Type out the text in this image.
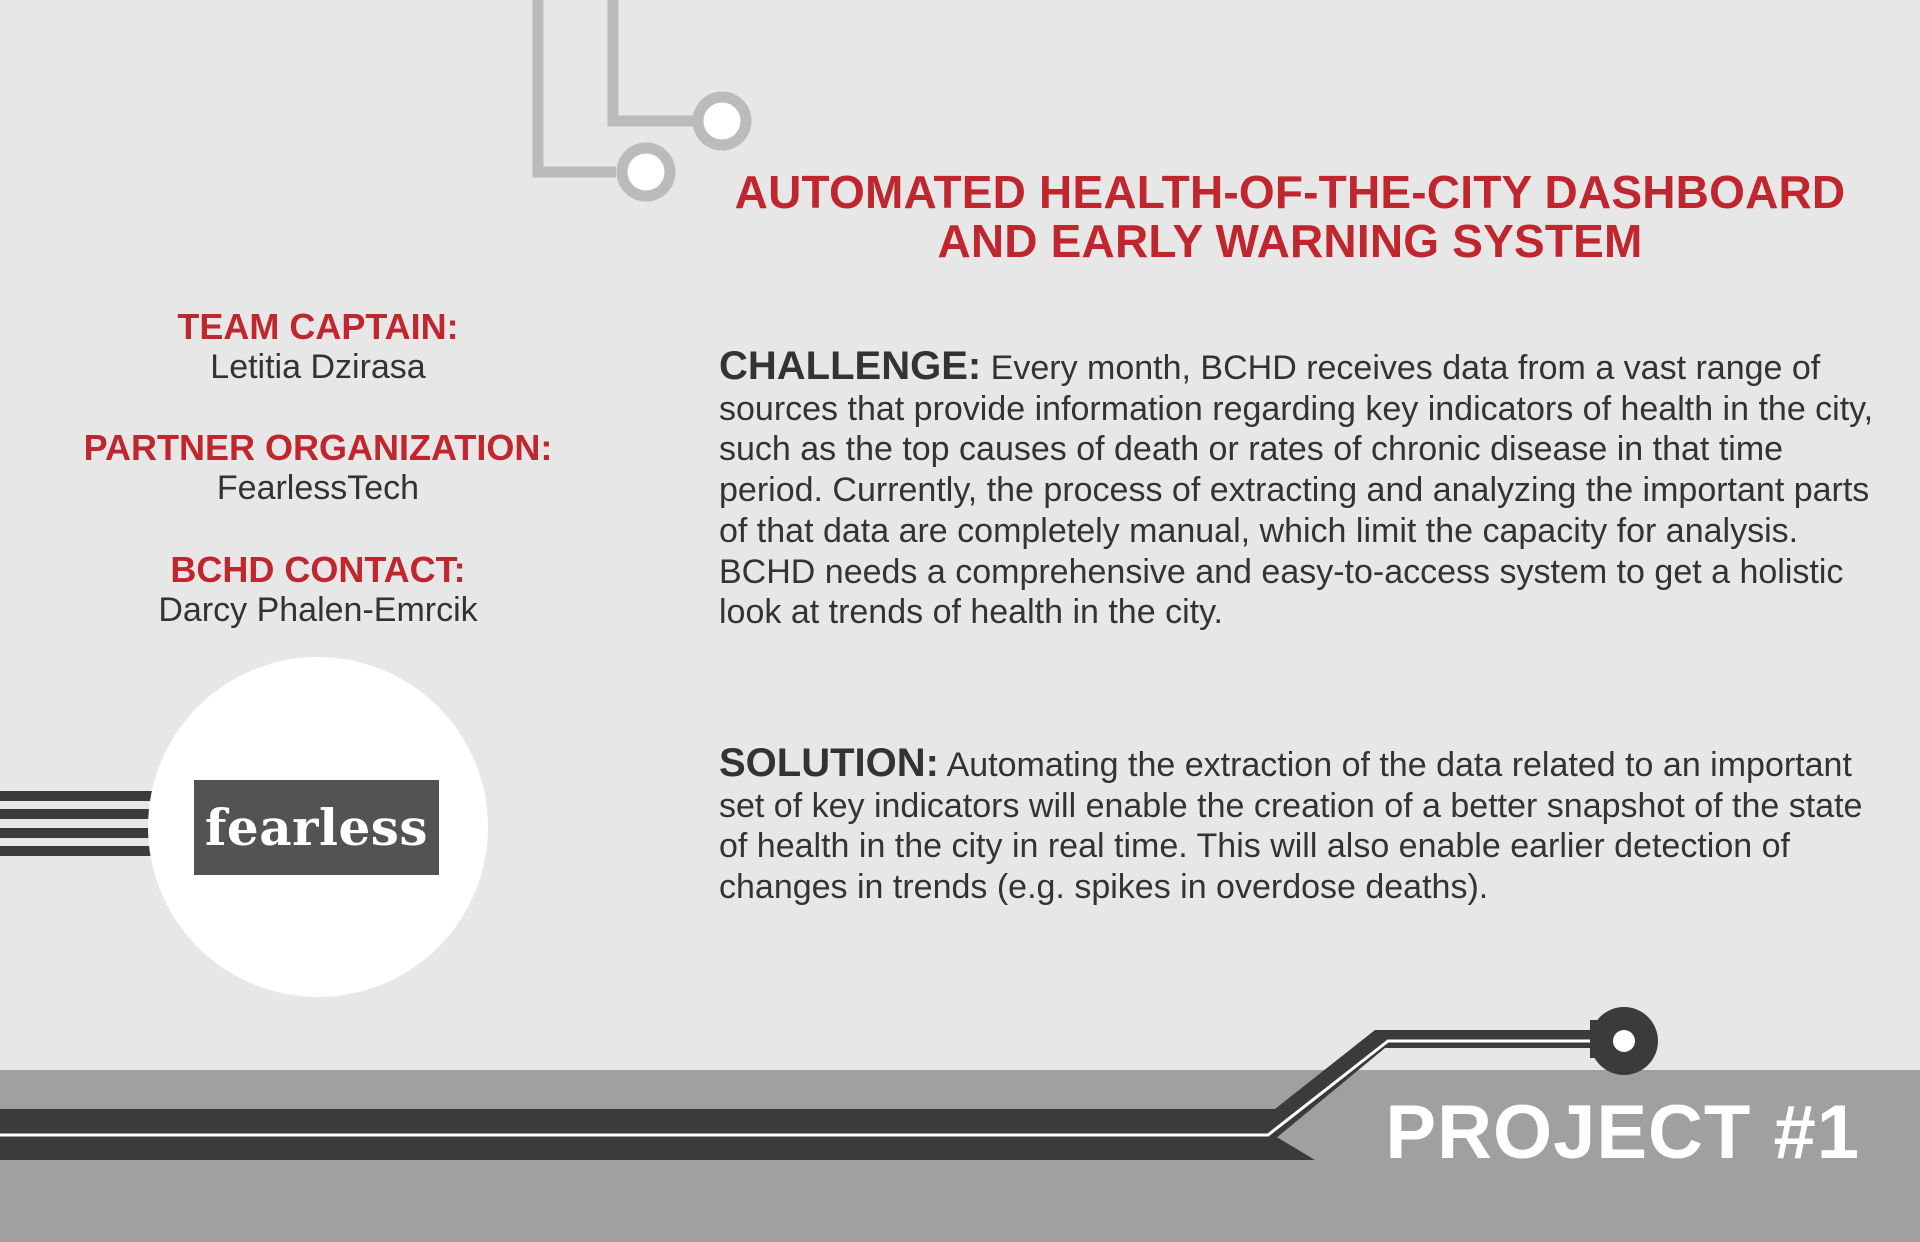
AUTOMATED HEALTH-OF-THE-CITY DASHBOARD
AND EARLY WARNING SYSTEM
TEAM CAPTAIN:
Letitia Dzirasa
PARTNER ORGANIZATION:
FearlessTech
BCHD CONTACT:
Darcy Phalen-Emrcik
fearless

CHALLENGE: Every month, BCHD receives data from a vast range of sources that provide information regarding key indicators of health in the city, such as the top causes of death or rates of chronic disease in that time period. Currently, the process of extracting and analyzing the important parts of that data are completely manual, which limit the capacity for analysis. BCHD needs a comprehensive and easy-to-access system to get a holistic look at trends of health in the city.

SOLUTION: Automating the extraction of the data related to an important set of key indicators will enable the creation of a better snapshot of the state of health in the city in real time. This will also enable earlier detection of changes in trends (e.g. spikes in overdose deaths).

PROJECT #1
